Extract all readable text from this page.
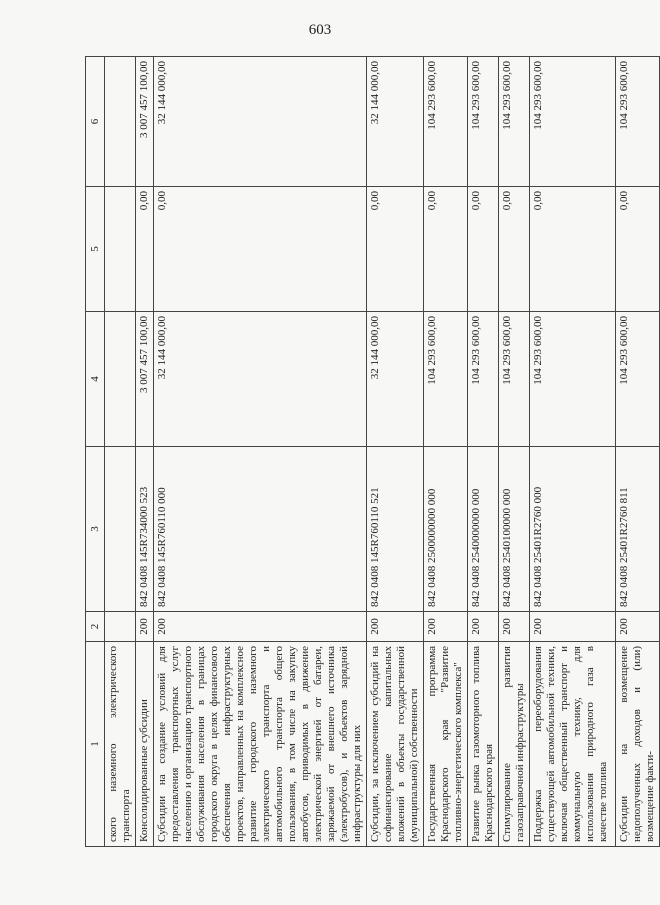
603
1	2	3	4	5	6
ского наземного электрического транспорта					
Консолидированные субсидии	200	842 0408 145R734000 523	3 007 457 100,00	0,00	3 007 457 100,00
Субсидии на создание условий для предоставления транспортных услуг населению и организацию транспортного обслуживания населения в границах городского округа в целях финансового обеспечения инфраструктурных проектов, направленных на комплексное развитие городского наземного электрического транспорта и автомобильного транспорта общего пользования, в том числе на закупку автобусов, приводимых в движение электрической энергией от батареи, заряжаемой от внешнего источника (электробусов), и объектов зарядной инфраструктуры для них	200	842 0408 145R760110 000	32 144 000,00	0,00	32 144 000,00
Субсидии, за исключением субсидий на софинансирование капитальных вложений в объекты государственной (муниципальной) собственности	200	842 0408 145R760110 521	32 144 000,00	0,00	32 144 000,00
Государственная программа Краснодарского края "Развитие топливно-энергетического комплекса"	200	842 0408 2500000000 000	104 293 600,00	0,00	104 293 600,00
Развитие рынка газомоторного топлива Краснодарского края	200	842 0408 2540000000 000	104 293 600,00	0,00	104 293 600,00
Стимулирование развития газозаправочной инфраструктуры	200	842 0408 2540100000 000	104 293 600,00	0,00	104 293 600,00
Поддержка переоборудования существующей автомобильной техники, включая общественный транспорт и коммунальную технику, для использования природного газа в качестве топлива	200	842 0408 25401R2760 000	104 293 600,00	0,00	104 293 600,00
Субсидии на возмещение недополученных доходов и (или) возмещение факти-	200	842 0408 25401R2760 811	104 293 600,00	0,00	104 293 600,00
